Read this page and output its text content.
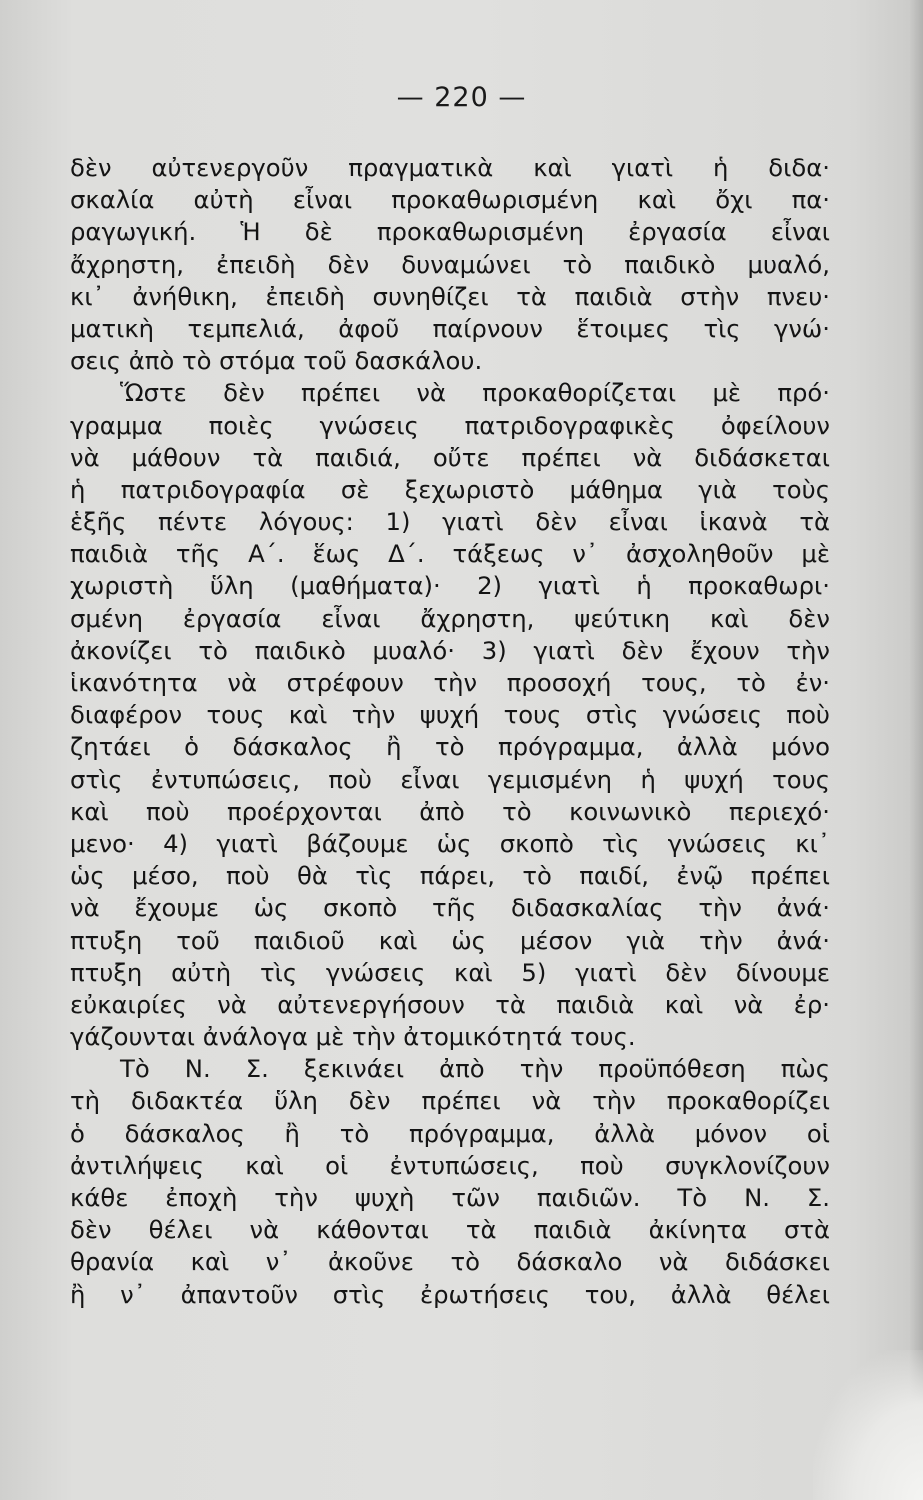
— 220 —
δὲν αὐτενεργοῦν πραγματικὰ καὶ γιατὶ ἡ διδα·
σκαλία αὐτὴ εἶναι προκαθωρισμένη καὶ ὄχι πα·
ραγωγική. Ἡ δὲ προκαθωρισμένη ἐργασία εἶναι
ἄχρηστη, ἐπειδὴ δὲν δυναμώνει τὸ παιδικὸ μυαλό,
κι᾿ ἀνήθικη, ἐπειδὴ συνηθίζει τὰ παιδιὰ στὴν πνευ·
ματικὴ τεμπελιά, ἀφοῦ παίρνουν ἕτοιμες τὶς γνώ·
σεις ἀπὸ τὸ στόμα τοῦ δασκάλου.
Ὥστε δὲν πρέπει νὰ προκαθορίζεται μὲ πρό·
γραμμα ποιὲς γνώσεις πατριδογραφικὲς ὀφείλουν
νὰ μάθουν τὰ παιδιά, οὔτε πρέπει νὰ διδάσκεται
ἡ πατριδογραφία σὲ ξεχωριστὸ μάθημα γιὰ τοὺς
ἑξῆς πέντε λόγους: 1) γιατὶ δὲν εἶναι ἱκανὰ τὰ
παιδιὰ τῆς Α΄. ἕως Δ΄. τάξεως ν᾿ ἀσχοληθοῦν μὲ
χωριστὴ ὕλη (μαθήματα)· 2) γιατὶ ἡ προκαθωρι·
σμένη ἐργασία εἶναι ἄχρηστη, ψεύτικη καὶ δὲν
ἀκονίζει τὸ παιδικὸ μυαλό· 3) γιατὶ δὲν ἔχουν τὴν
ἱκανότητα νὰ στρέφουν τὴν προσοχή τους, τὸ ἐν·
διαφέρον τους καὶ τὴν ψυχή τους στὶς γνώσεις ποὺ
ζητάει ὁ δάσκαλος ἢ τὸ πρόγραμμα, ἀλλὰ μόνο
στὶς ἐντυπώσεις, ποὺ εἶναι γεμισμένη ἡ ψυχή τους
καὶ ποὺ προέρχονται ἀπὸ τὸ κοινωνικὸ περιεχό·
μενο· 4) γιατὶ βάζουμε ὡς σκοπὸ τὶς γνώσεις κι᾿
ὡς μέσο, ποὺ θὰ τὶς πάρει, τὸ παιδί, ἐνῷ πρέπει
νὰ ἔχουμε ὡς σκοπὸ τῆς διδασκαλίας τὴν ἀνά·
πτυξη τοῦ παιδιοῦ καὶ ὡς μέσον γιὰ τὴν ἀνά·
πτυξη αὐτὴ τὶς γνώσεις καὶ 5) γιατὶ δὲν δίνουμε
εὐκαιρίες νὰ αὐτενεργήσουν τὰ παιδιὰ καὶ νὰ ἐρ·
γάζουνται ἀνάλογα μὲ τὴν ἀτομικότητά τους.
Τὸ Ν. Σ. ξεκινάει ἀπὸ τὴν προϋπόθεση πὼς
τὴ διδακτέα ὕλη δὲν πρέπει νὰ τὴν προκαθορίζει
ὁ δάσκαλος ἢ τὸ πρόγραμμα, ἀλλὰ μόνον οἱ
ἀντιλήψεις καὶ οἱ ἐντυπώσεις, ποὺ συγκλονίζουν
κάθε ἐποχὴ τὴν ψυχὴ τῶν παιδιῶν. Τὸ Ν. Σ.
δὲν θέλει νὰ κάθονται τὰ παιδιὰ ἀκίνητα στὰ
θρανία καὶ ν᾿ ἀκοῦνε τὸ δάσκαλο νὰ διδάσκει
ἢ ν᾿ ἀπαντοῦν στὶς ἐρωτήσεις του, ἀλλὰ θέλει
